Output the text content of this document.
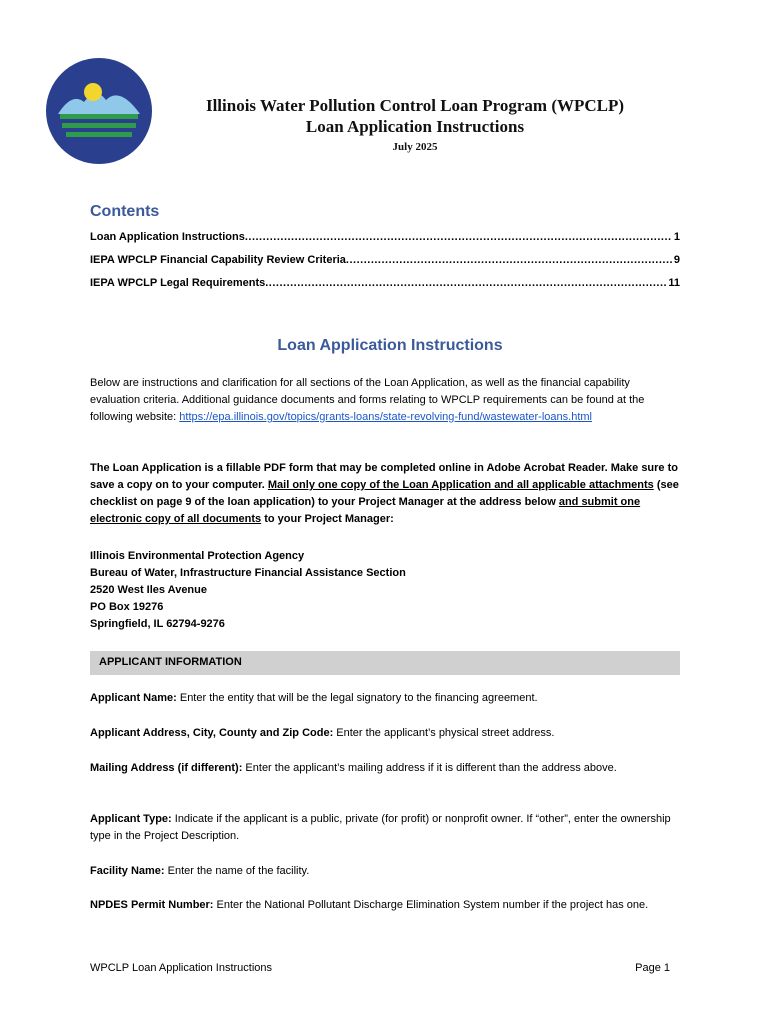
Illinois Water Pollution Control Loan Program (WPCLP)
Loan Application Instructions
July 2025
Contents
Loan Application Instructions .....	1
IEPA WPCLP Financial Capability Review Criteria .....	9
IEPA WPCLP Legal Requirements .....	11
Loan Application Instructions
Below are instructions and clarification for all sections of the Loan Application, as well as the financial capability evaluation criteria. Additional guidance documents and forms relating to WPCLP requirements can be found at the following website: https://epa.illinois.gov/topics/grants-loans/state-revolving-fund/wastewater-loans.html
The Loan Application is a fillable PDF form that may be completed online in Adobe Acrobat Reader. Make sure to save a copy on to your computer. Mail only one copy of the Loan Application and all applicable attachments (see checklist on page 9 of the loan application) to your Project Manager at the address below and submit one electronic copy of all documents to your Project Manager:
Illinois Environmental Protection Agency
Bureau of Water, Infrastructure Financial Assistance Section
2520 West Iles Avenue
PO Box 19276
Springfield, IL 62794-9276
APPLICANT INFORMATION
Applicant Name: Enter the entity that will be the legal signatory to the financing agreement.
Applicant Address, City, County and Zip Code: Enter the applicant’s physical street address.
Mailing Address (if different): Enter the applicant’s mailing address if it is different than the address above.
Applicant Type: Indicate if the applicant is a public, private (for profit) or nonprofit owner. If “other”, enter the ownership type in the Project Description.
Facility Name: Enter the name of the facility.
NPDES Permit Number: Enter the National Pollutant Discharge Elimination System number if the project has one.
WPCLP Loan Application Instructions	Page 1
